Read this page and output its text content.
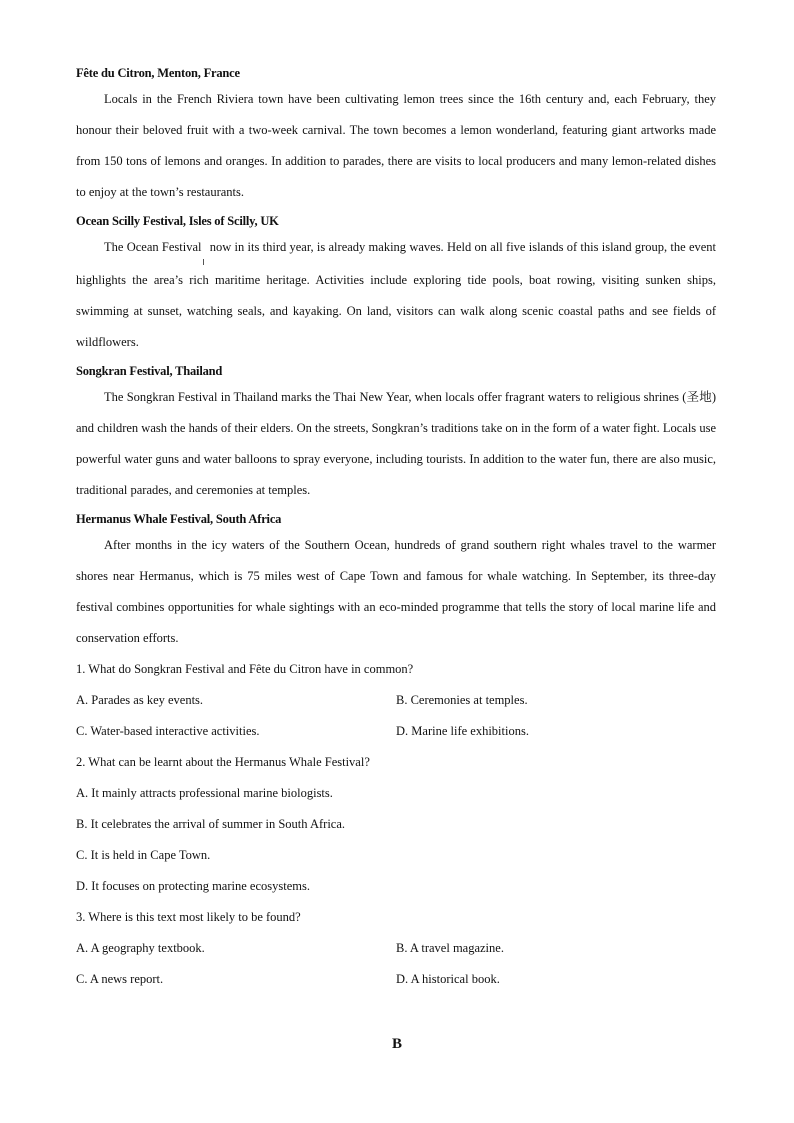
Fête du Citron, Menton, France

Locals in the French Riviera town have been cultivating lemon trees since the 16th century and, each February, they honour their beloved fruit with a two-week carnival. The town becomes a lemon wonderland, featuring giant artworks made from 150 tons of lemons and oranges. In addition to parades, there are visits to local producers and many lemon-related dishes to enjoy at the town’s restaurants.

Ocean Scilly Festival, Isles of Scilly, UK

The Ocean Festival now in its third year, is already making waves. Held on all five islands of this island group, the event highlights the area’s rich maritime heritage. Activities include exploring tide pools, boat rowing, visiting sunken ships, swimming at sunset, watching seals, and kayaking. On land, visitors can walk along scenic coastal paths and see fields of wildflowers.

Songkran Festival, Thailand

The Songkran Festival in Thailand marks the Thai New Year, when locals offer fragrant waters to religious shrines (圣地) and children wash the hands of their elders. On the streets, Songkran’s traditions take on in the form of a water fight. Locals use powerful water guns and water balloons to spray everyone, including tourists. In addition to the water fun, there are also music, traditional parades, and ceremonies at temples.

Hermanus Whale Festival, South Africa

After months in the icy waters of the Southern Ocean, hundreds of grand southern right whales travel to the warmer shores near Hermanus, which is 75 miles west of Cape Town and famous for whale watching. In September, its three-day festival combines opportunities for whale sightings with an eco-minded programme that tells the story of local marine life and conservation efforts.

1. What do Songkran Festival and Fête du Citron have in common?

A. Parades as key events.	B. Ceremonies at temples.
C. Water-based interactive activities.	D. Marine life exhibitions.

2. What can be learnt about the Hermanus Whale Festival?

A. It mainly attracts professional marine biologists.

B. It celebrates the arrival of summer in South Africa.

C. It is held in Cape Town.

D. It focuses on protecting marine ecosystems.

3. Where is this text most likely to be found?

A. A geography textbook.	B. A travel magazine.
C. A news report.	D. A historical book.
B
